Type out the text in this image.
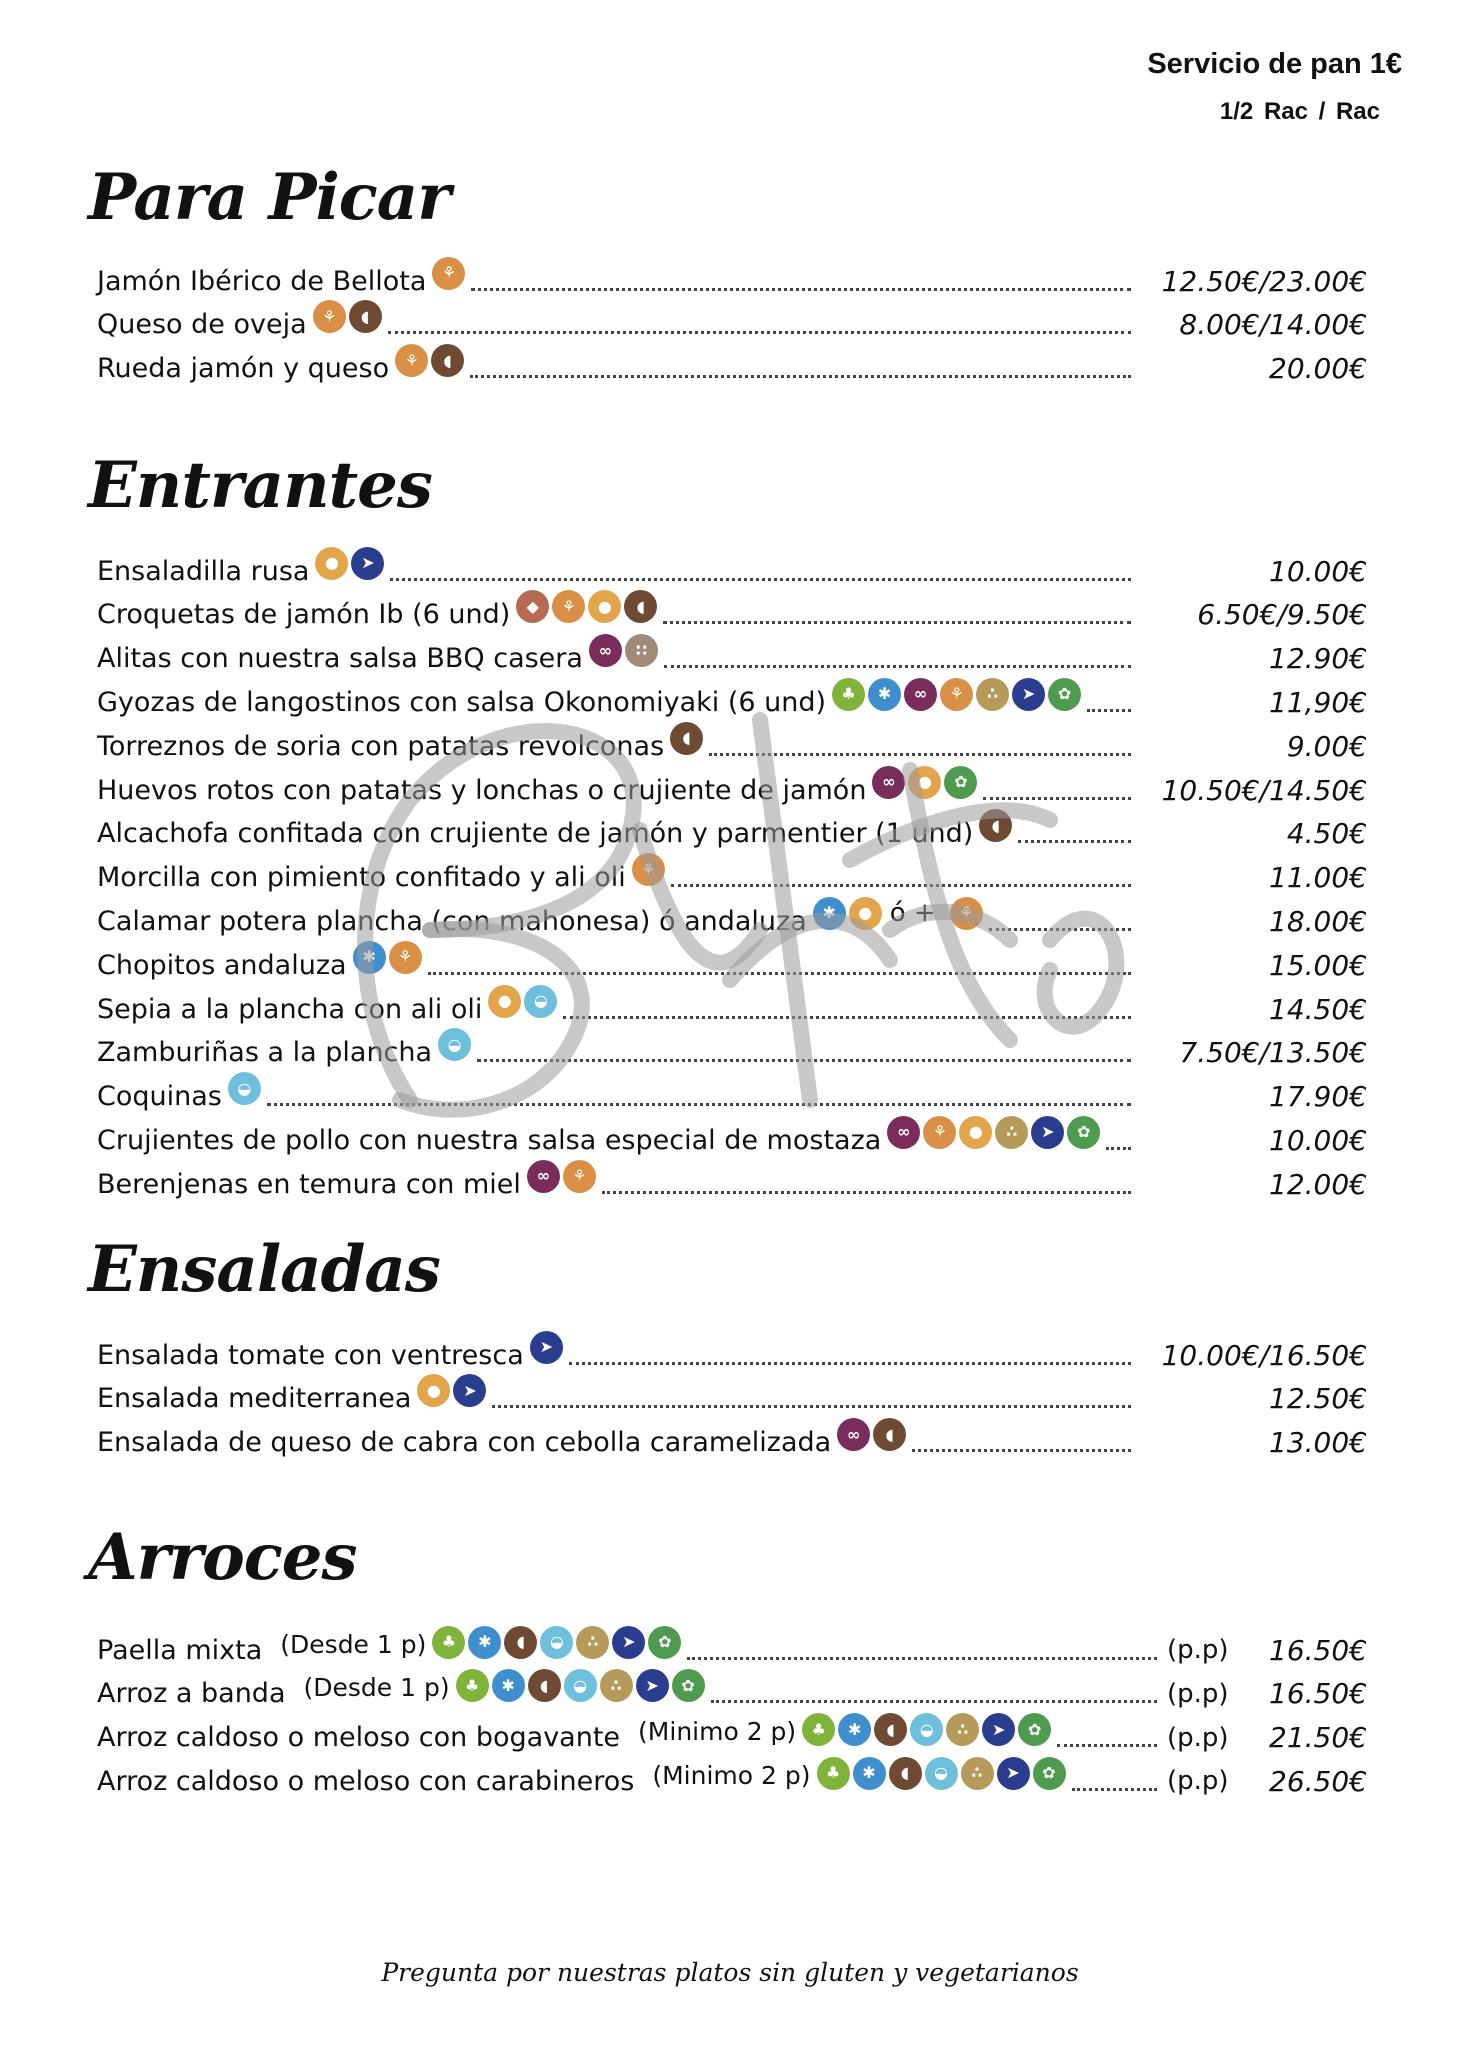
Servicio de pan 1€
1/2 Rac / Rac
Para Picar
Entrantes
Ensaladas
Arroces
Jamón Ibérico de Bellota ⚘	12.50€/23.00€
Queso de oveja ⚘	◖	8.00€/14.00€
Rueda jamón y queso ⚘	◖	20.00€
Ensaladilla rusa ●	➤	10.00€
Croquetas de jamón Ib (6 und)	◆	⚘	●	◖	6.50€/9.50€
Alitas con nuestra salsa BBQ casera ∞	∷	12.90€
Gyozas de langostinos con salsa Okonomiyaki (6 und) ♣	✱	∞	⚘	∴	➤	✿	11,90€
Torreznos de soria con patatas revolconas	◖	9.00€
Huevos rotos con patatas y lonchas o crujiente de jamón ∞	●	✿	10.50€/14.50€
Alcachofa confitada con crujiente de jamón y parmentier (1 und)	◖	4.50€
Morcilla con pimiento confitado y ali oli ⚘	11.00€
Calamar potera plancha (con mahonesa) ó andaluza ✱	● ó +	⚘	18.00€
Chopitos andaluza ✱	⚘	15.00€
Sepia a la plancha con ali oli ●	◒	14.50€
Zamburiñas a la plancha ◒	7.50€/13.50€
Coquinas ◒	17.90€
Crujientes de pollo con nuestra salsa especial de mostaza ∞	⚘	●	∴	➤	✿	10.00€
Berenjenas en temura con miel ∞	⚘	12.00€
Ensalada tomate con ventresca ➤	10.00€/16.50€
Ensalada mediterranea ●	➤	12.50€
Ensalada de queso de cabra con cebolla caramelizada ∞	◖	13.00€
Paella mixta (Desde 1 p) ♣	✱	◖	◒	∴	➤	✿	(p.p)	16.50€
Arroz a banda (Desde 1 p) ♣	✱	◖	◒	∴	➤	✿	(p.p)	16.50€
Arroz caldoso o meloso con bogavante (Minimo 2 p) ♣	✱	◖	◒	∴	➤	✿	(p.p)	21.50€
Arroz caldoso o meloso con carabineros (Minimo 2 p) ♣	✱	◖	◒	∴	➤	✿	(p.p)	26.50€
Pregunta por nuestras platos sin gluten y vegetarianos
